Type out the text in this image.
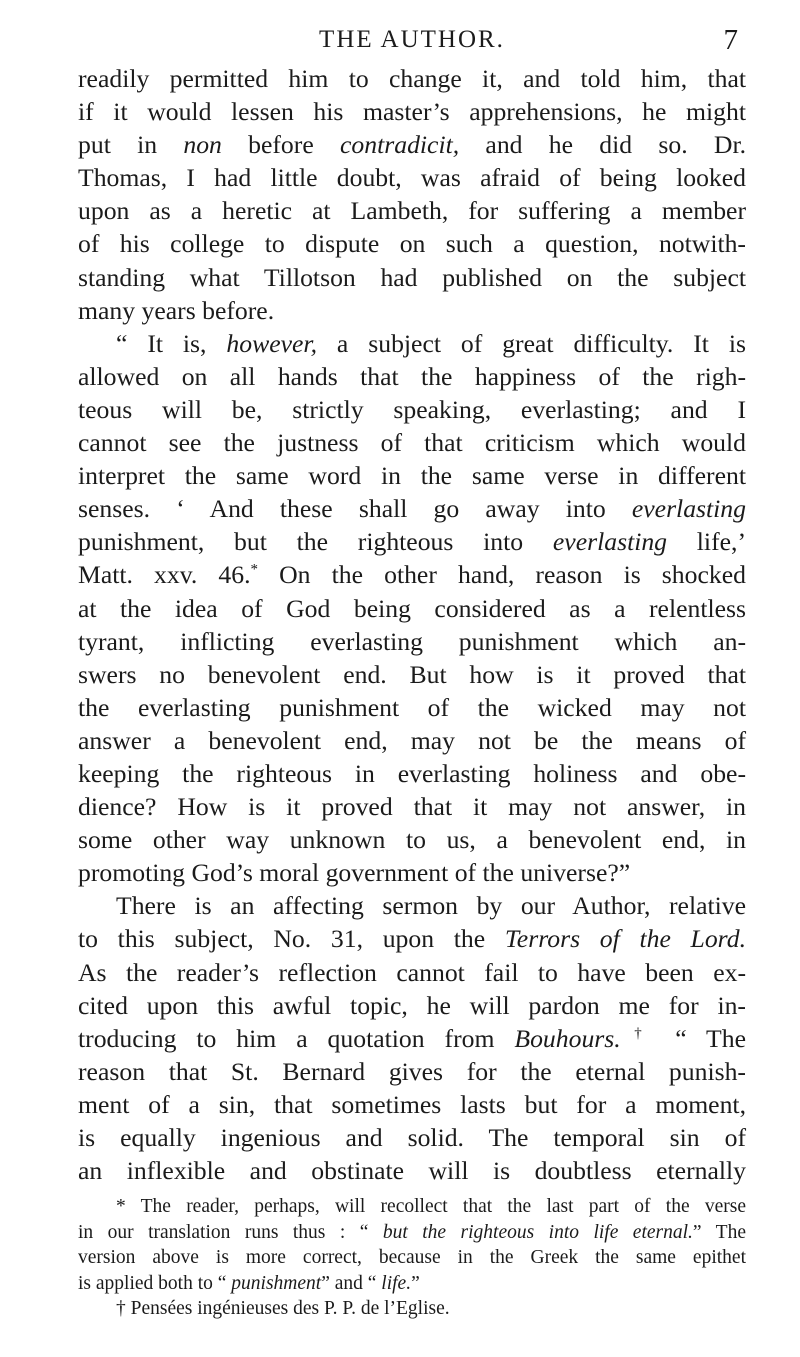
THE AUTHOR.	7
readily permitted him to change it, and told him, that
if it would lessen his master’s apprehensions, he might
put in non before contradicit, and he did so. Dr.
Thomas, I had little doubt, was afraid of being looked
upon as a heretic at Lambeth, for suffering a member
of his college to dispute on such a question, notwith-
standing what Tillotson had published on the subject
many years before.
“ It is, however, a subject of great difficulty. It is
allowed on all hands that the happiness of the righ-
teous will be, strictly speaking, everlasting; and I
cannot see the justness of that criticism which would
interpret the same word in the same verse in different
senses. ‘ And these shall go away into everlasting
punishment, but the righteous into everlasting life,’
Matt. xxv. 46.* On the other hand, reason is shocked
at the idea of God being considered as a relentless
tyrant, inflicting everlasting punishment which an-
swers no benevolent end. But how is it proved that
the everlasting punishment of the wicked may not
answer a benevolent end, may not be the means of
keeping the righteous in everlasting holiness and obe-
dience? How is it proved that it may not answer, in
some other way unknown to us, a benevolent end, in
promoting God’s moral government of the universe?”
There is an affecting sermon by our Author, relative
to this subject, No. 31, upon the Terrors of the Lord.
As the reader’s reflection cannot fail to have been ex-
cited upon this awful topic, he will pardon me for in-
troducing to him a quotation from Bouhours.† “ The
reason that St. Bernard gives for the eternal punish-
ment of a sin, that sometimes lasts but for a moment,
is equally ingenious and solid. The temporal sin of
an inflexible and obstinate will is doubtless eternally
* The reader, perhaps, will recollect that the last part of the verse
in our translation runs thus : “ but the righteous into life eternal.” The
version above is more correct, because in the Greek the same epithet
is applied both to “ punishment” and “ life.”
† Pensées ingénieuses des P. P. de l’Eglise.
